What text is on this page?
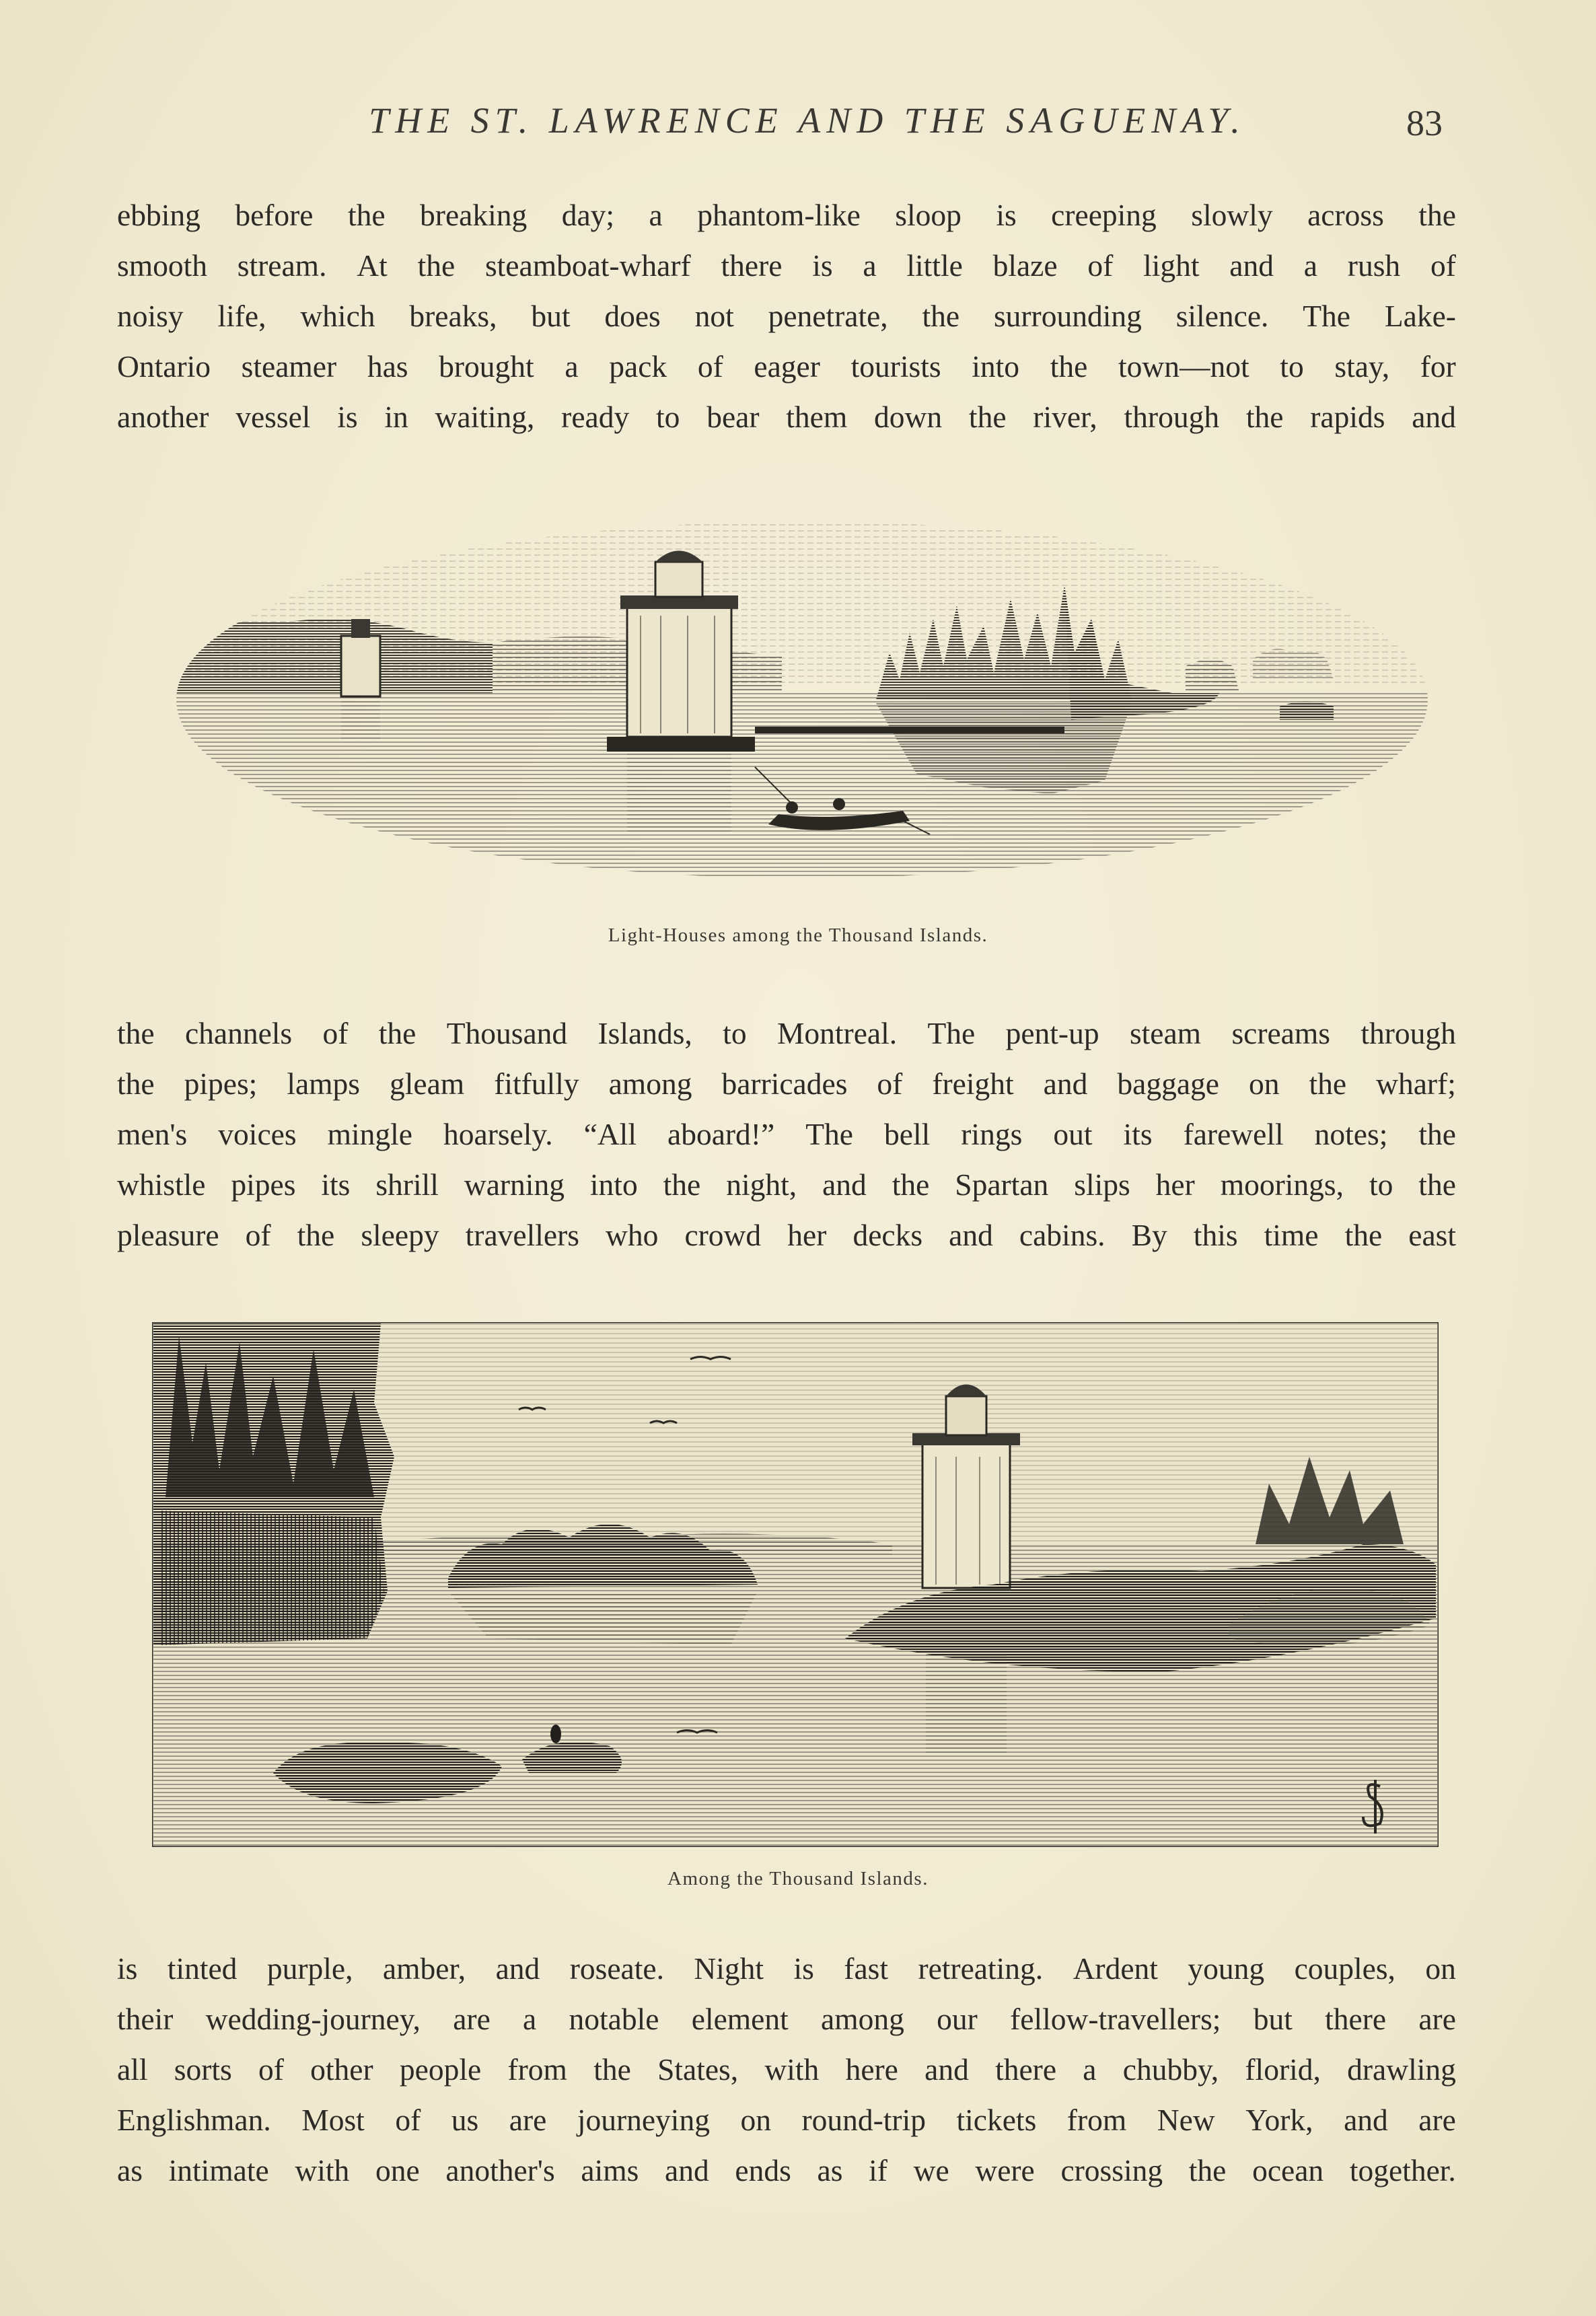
THE ST. LAWRENCE AND THE SAGUENAY.	83
ebbing before the breaking day; a phantom-like sloop is creeping slowly across the
smooth stream. At the steamboat-wharf there is a little blaze of light and a rush of
noisy life, which breaks, but does not penetrate, the surrounding silence. The Lake-
Ontario steamer has brought a pack of eager tourists into the town—not to stay, for
another vessel is in waiting, ready to bear them down the river, through the rapids and
Light-Houses among the Thousand Islands.
the channels of the Thousand Islands, to Montreal. The pent-up steam screams through
the pipes; lamps gleam fitfully among barricades of freight and baggage on the wharf;
men's voices mingle hoarsely. “All aboard!” The bell rings out its farewell notes; the
whistle pipes its shrill warning into the night, and the Spartan slips her moorings, to the
pleasure of the sleepy travellers who crowd her decks and cabins. By this time the east
Among the Thousand Islands.
is tinted purple, amber, and roseate. Night is fast retreating. Ardent young couples, on
their wedding-journey, are a notable element among our fellow-travellers; but there are
all sorts of other people from the States, with here and there a chubby, florid, drawling
Englishman. Most of us are journeying on round-trip tickets from New York, and are
as intimate with one another's aims and ends as if we were crossing the ocean together.
